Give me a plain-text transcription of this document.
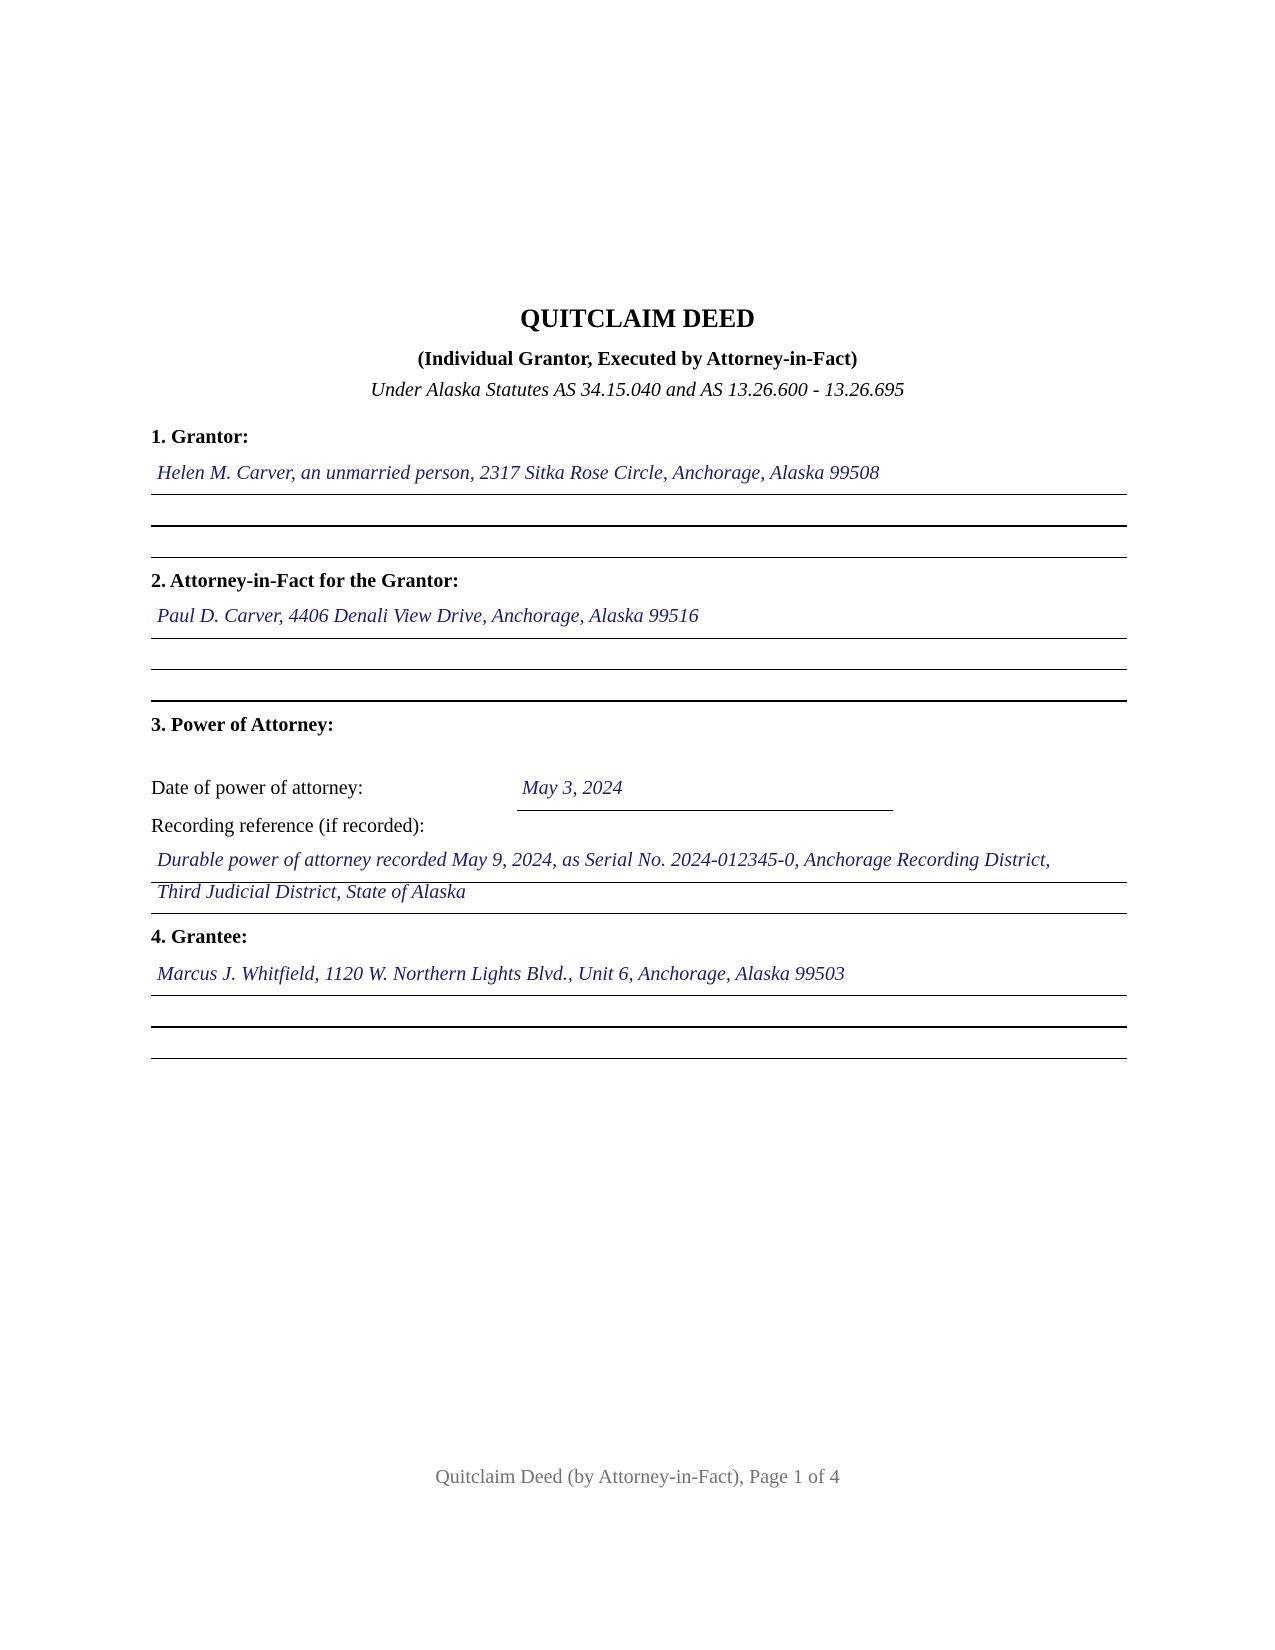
QUITCLAIM DEED
(Individual Grantor, Executed by Attorney-in-Fact)
Under Alaska Statutes AS 34.15.040 and AS 13.26.600 - 13.26.695
1. Grantor:
Helen M. Carver, an unmarried person, 2317 Sitka Rose Circle, Anchorage, Alaska 99508
2. Attorney-in-Fact for the Grantor:
Paul D. Carver, 4406 Denali View Drive, Anchorage, Alaska 99516
3. Power of Attorney:
Date of power of attorney:	May 3, 2024
Recording reference (if recorded):
Durable power of attorney recorded May 9, 2024, as Serial No. 2024-012345-0, Anchorage Recording District,
Third Judicial District, State of Alaska
4. Grantee:
Marcus J. Whitfield, 1120 W. Northern Lights Blvd., Unit 6, Anchorage, Alaska 99503
Quitclaim Deed (by Attorney-in-Fact), Page 1 of 4
